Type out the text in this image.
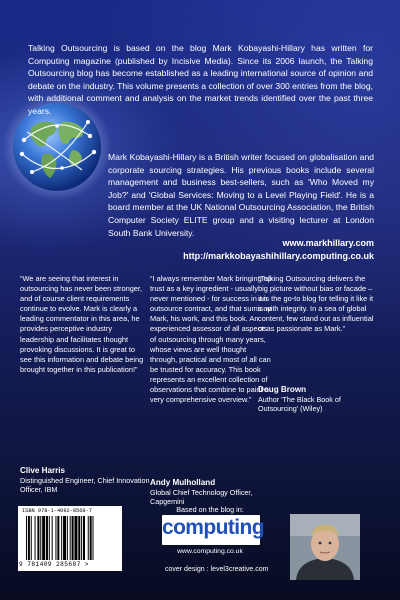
Talking Outsourcing is based on the blog Mark Kobayashi-Hillary has written for Computing magazine (published by Incisive Media). Since its 2006 launch, the Talking Outsourcing blog has become established as a leading international source of opinion and debate on the industry. This volume presents a collection of over 300 entries from the blog, with additional comment and analysis on the market trends identified over the past three years.

Mark Kobayashi-Hillary is a British writer focused on globalisation and corporate sourcing strategies. His previous books include several management and business best-sellers, such as 'Who Moved my Job?' and 'Global Services: Moving to a Level Playing Field'. He is a board member at the UK National Outsourcing Association, the British Computer Society ELITE group and a visiting lecturer at London South Bank University.

www.markhillary.com
http://markkobayashihillary.computing.co.uk

“We are seeing that interest in outsourcing has never been stronger, and of course client requirements continue to evolve. Mark is clearly a leading commentator in this area, he provides perceptive industry leadership and facilitates thought provoking discussions. It is great to see this information and debate being brought together in this publication!”

“I always remember Mark bringing up trust as a key ingredient - usually never mentioned - for success in an outsource contract, and that sums up Mark, his work, and this book. An experienced assessor of all aspects of outsourcing through many years, whose views are well thought through, practical and most of all can be trusted for accuracy. This book represents an excellent collection of observations that combine to paint a very comprehensive overview.”

“Talking Outsourcing delivers the big picture without bias or facade – it is the go-to blog for telling it like it is with integrity. In a sea of global content, few stand out as influential or as passionate as Mark.”

Clive Harris
Distinguished Engineer, Chief Innovation Officer, IBM
Andy Mulholland
Global Chief Technology Officer, Capgemini
Doug Brown
Author 'The Black Book of Outsourcing' (Wiley)
ISBN 978-1-4092-8568-7
9 781409 285687 >
Based on the blog in:
computing
www.computing.co.uk
cover design : level3creative.com
